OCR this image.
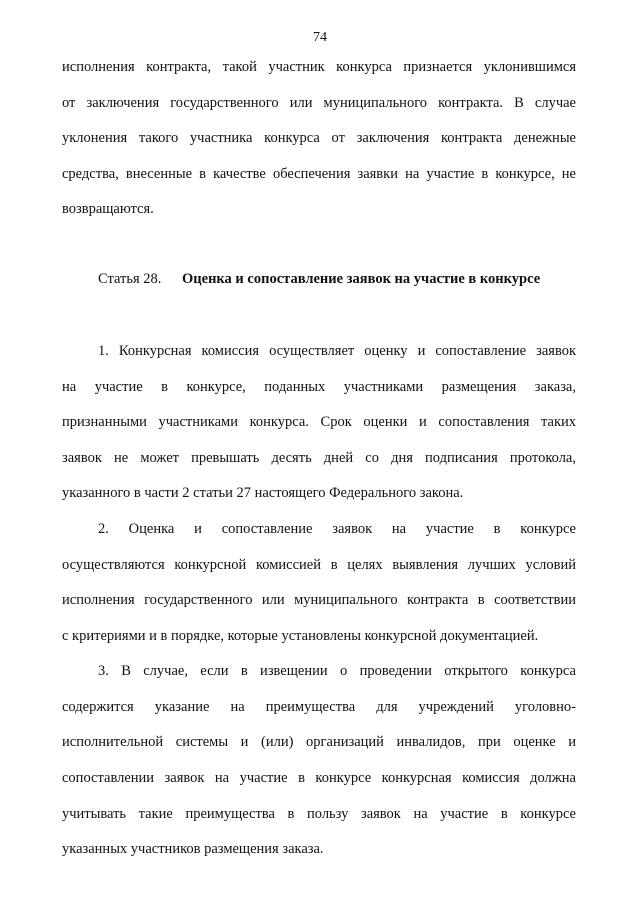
74
исполнения контракта, такой участник конкурса признается уклонившимся
от заключения государственного или муниципального контракта. В случае
уклонения такого участника конкурса от заключения контракта денежные
средства, внесенные в качестве обеспечения заявки на участие в конкурсе, не
возвращаются.
Статья 28. Оценка и сопоставление заявок на участие в конкурсе
1. Конкурсная комиссия осуществляет оценку и сопоставление заявок
на участие в конкурсе, поданных участниками размещения заказа,
признанными участниками конкурса. Срок оценки и сопоставления таких
заявок не может превышать десять дней со дня подписания протокола,
указанного в части 2 статьи 27 настоящего Федерального закона.
2. Оценка и сопоставление заявок на участие в конкурсе
осуществляются конкурсной комиссией в целях выявления лучших условий
исполнения государственного или муниципального контракта в соответствии
с критериями и в порядке, которые установлены конкурсной документацией.
3. В случае, если в извещении о проведении открытого конкурса
содержится указание на преимущества для учреждений уголовно-
исполнительной системы и (или) организаций инвалидов, при оценке и
сопоставлении заявок на участие в конкурсе конкурсная комиссия должна
учитывать такие преимущества в пользу заявок на участие в конкурсе
указанных участников размещения заказа.
